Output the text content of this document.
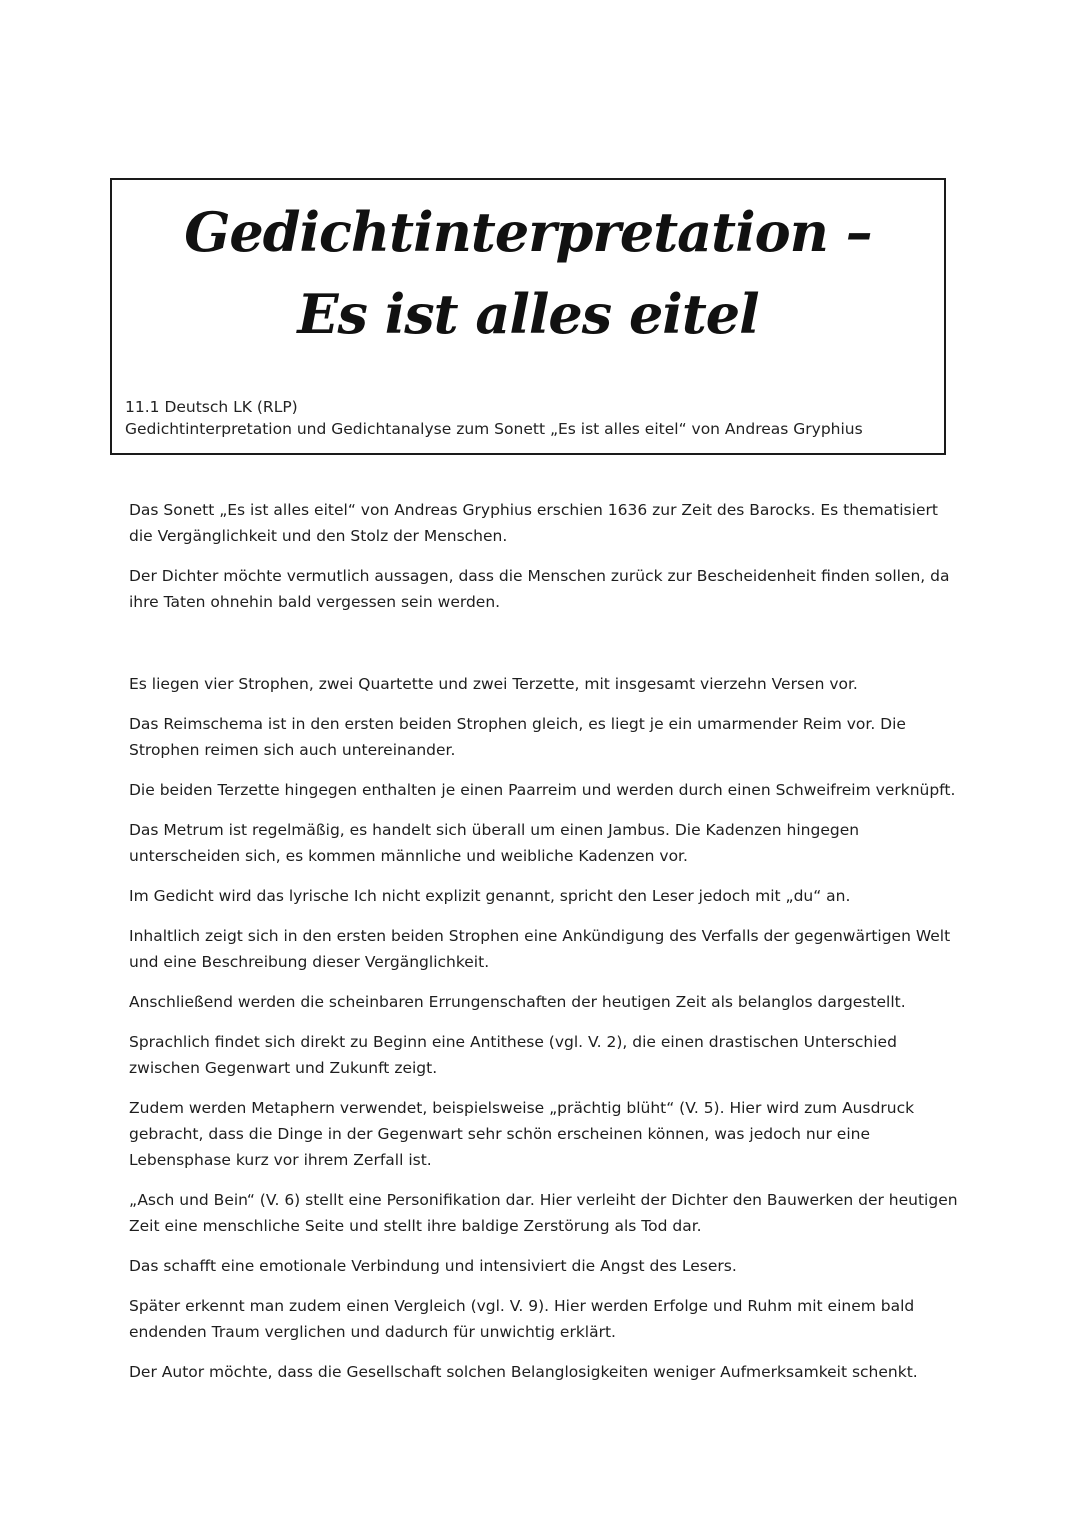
Gedichtinterpretation –
Es ist alles eitel
11.1 Deutsch LK (RLP)
Gedichtinterpretation und Gedichtanalyse zum Sonett „Es ist alles eitel“ von Andreas Gryphius

Das Sonett „Es ist alles eitel“ von Andreas Gryphius erschien 1636 zur Zeit des Barocks. Es thematisiert die Vergänglichkeit und den Stolz der Menschen.

Der Dichter möchte vermutlich aussagen, dass die Menschen zurück zur Bescheidenheit finden sollen, da ihre Taten ohnehin bald vergessen sein werden.

Es liegen vier Strophen, zwei Quartette und zwei Terzette, mit insgesamt vierzehn Versen vor.

Das Reimschema ist in den ersten beiden Strophen gleich, es liegt je ein umarmender Reim vor. Die Strophen reimen sich auch untereinander.

Die beiden Terzette hingegen enthalten je einen Paarreim und werden durch einen Schweifreim verknüpft.

Das Metrum ist regelmäßig, es handelt sich überall um einen Jambus. Die Kadenzen hingegen unterscheiden sich, es kommen männliche und weibliche Kadenzen vor.

Im Gedicht wird das lyrische Ich nicht explizit genannt, spricht den Leser jedoch mit „du“ an.

Inhaltlich zeigt sich in den ersten beiden Strophen eine Ankündigung des Verfalls der gegenwärtigen Welt und eine Beschreibung dieser Vergänglichkeit.

Anschließend werden die scheinbaren Errungenschaften der heutigen Zeit als belanglos dargestellt.

Sprachlich findet sich direkt zu Beginn eine Antithese (vgl. V. 2), die einen drastischen Unterschied zwischen Gegenwart und Zukunft zeigt.

Zudem werden Metaphern verwendet, beispielsweise „prächtig blüht“ (V. 5). Hier wird zum Ausdruck gebracht, dass die Dinge in der Gegenwart sehr schön erscheinen können, was jedoch nur eine Lebensphase kurz vor ihrem Zerfall ist.

„Asch und Bein“ (V. 6) stellt eine Personifikation dar. Hier verleiht der Dichter den Bauwerken der heutigen Zeit eine menschliche Seite und stellt ihre baldige Zerstörung als Tod dar.

Das schafft eine emotionale Verbindung und intensiviert die Angst des Lesers.

Später erkennt man zudem einen Vergleich (vgl. V. 9). Hier werden Erfolge und Ruhm mit einem bald endenden Traum verglichen und dadurch für unwichtig erklärt.

Der Autor möchte, dass die Gesellschaft solchen Belanglosigkeiten weniger Aufmerksamkeit schenkt.
